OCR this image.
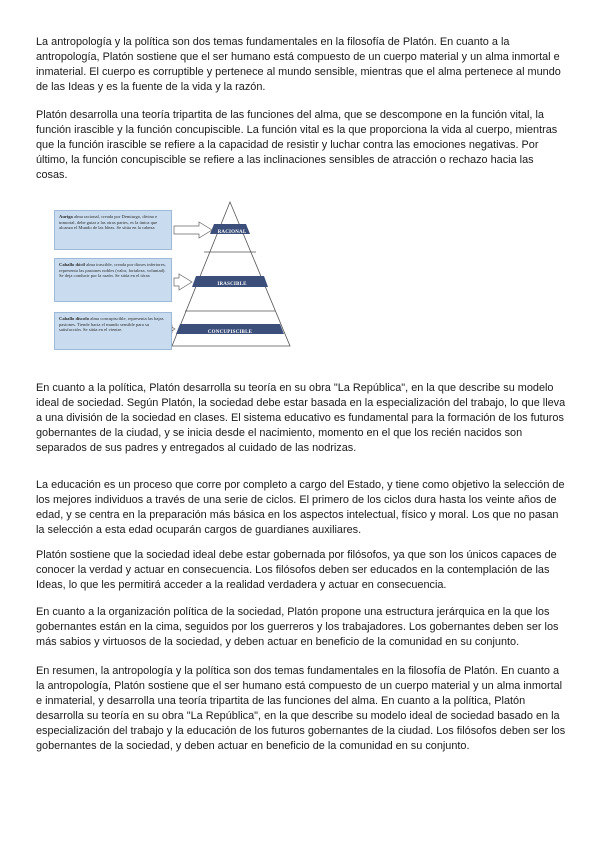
La antropología y la política son dos temas fundamentales en la filosofía de Platón. En cuanto a la antropología, Platón sostiene que el ser humano está compuesto de un cuerpo material y un alma inmortal e inmaterial. El cuerpo es corruptible y pertenece al mundo sensible, mientras que el alma pertenece al mundo de las Ideas y es la fuente de la vida y la razón.

Platón desarrolla una teoría tripartita de las funciones del alma, que se descompone en la función vital, la función irascible y la función concupiscible. La función vital es la que proporciona la vida al cuerpo, mientras que la función irascible se refiere a la capacidad de resistir y luchar contra las emociones negativas. Por último, la función concupiscible se refiere a las inclinaciones sensibles de atracción o rechazo hacia las cosas.

RACIONAL
IRASCIBLE
CONCUPISCIBLE
Auriga alma racional, creada por Demiurgo, divina e inmortal, debe guiar a las otras partes, es la única que alcanza el Mundo de las Ideas. Se sitúa en la cabeza
Caballo dócil alma irascible, creada por dioses inferiores, representa las pasiones nobles (valor, fortaleza, voluntad). Se deja conducir por la razón. Se sitúa en el tórax
Caballo díscolo alma concupiscible, representa las bajas pasiones. Tiende hacia el mundo sensible para su satisfacción. Se sitúa en el vientre.

En cuanto a la política, Platón desarrolla su teoría en su obra "La República", en la que describe su modelo ideal de sociedad. Según Platón, la sociedad debe estar basada en la especialización del trabajo, lo que lleva a una división de la sociedad en clases. El sistema educativo es fundamental para la formación de los futuros gobernantes de la ciudad, y se inicia desde el nacimiento, momento en el que los recién nacidos son separados de sus padres y entregados al cuidado de las nodrizas.

La educación es un proceso que corre por completo a cargo del Estado, y tiene como objetivo la selección de los mejores individuos a través de una serie de ciclos. El primero de los ciclos dura hasta los veinte años de edad, y se centra en la preparación más básica en los aspectos intelectual, físico y moral. Los que no pasan la selección a esta edad ocuparán cargos de guardianes auxiliares.

Platón sostiene que la sociedad ideal debe estar gobernada por filósofos, ya que son los únicos capaces de conocer la verdad y actuar en consecuencia. Los filósofos deben ser educados en la contemplación de las Ideas, lo que les permitirá acceder a la realidad verdadera y actuar en consecuencia.

En cuanto a la organización política de la sociedad, Platón propone una estructura jerárquica en la que los gobernantes están en la cima, seguidos por los guerreros y los trabajadores. Los gobernantes deben ser los más sabios y virtuosos de la sociedad, y deben actuar en beneficio de la comunidad en su conjunto.

En resumen, la antropología y la política son dos temas fundamentales en la filosofía de Platón. En cuanto a la antropología, Platón sostiene que el ser humano está compuesto de un cuerpo material y un alma inmortal e inmaterial, y desarrolla una teoría tripartita de las funciones del alma. En cuanto a la política, Platón desarrolla su teoría en su obra "La República", en la que describe su modelo ideal de sociedad basado en la especialización del trabajo y la educación de los futuros gobernantes de la ciudad. Los filósofos deben ser los gobernantes de la sociedad, y deben actuar en beneficio de la comunidad en su conjunto.
